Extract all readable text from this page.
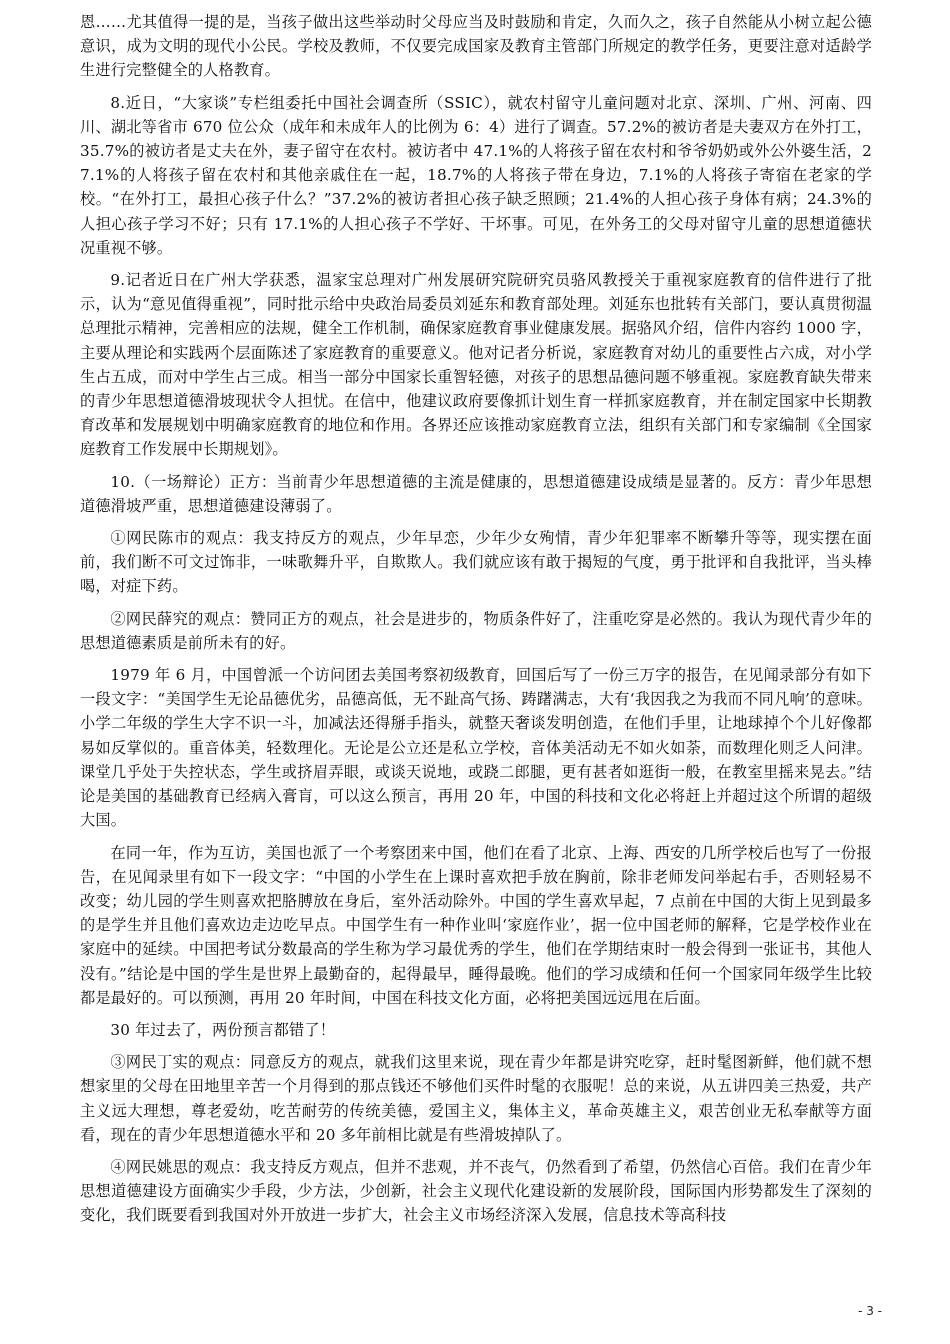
恩……尤其值得一提的是，当孩子做出这些举动时父母应当及时鼓励和肯定，久而久之，孩子自然能从小树立起公德意识，成为文明的现代小公民。学校及教师，不仅要完成国家及教育主管部门所规定的教学任务，更要注意对适龄学生进行完整健全的人格教育。

8.近日，“大家谈”专栏组委托中国社会调查所（SSIC），就农村留守儿童问题对北京、深圳、广州、河南、四川、湖北等省市 670 位公众（成年和未成年人的比例为 6：4）进行了调查。57.2%的被访者是夫妻双方在外打工，35.7%的被访者是丈夫在外，妻子留守在农村。被访者中 47.1%的人将孩子留在农村和爷爷奶奶或外公外婆生活，27.1%的人将孩子留在农村和其他亲戚住在一起，18.7%的人将孩子带在身边，7.1%的人将孩子寄宿在老家的学校。“在外打工，最担心孩子什么？”37.2%的被访者担心孩子缺乏照顾；21.4%的人担心孩子身体有病；24.3%的人担心孩子学习不好；只有 17.1%的人担心孩子不学好、干坏事。可见，在外务工的父母对留守儿童的思想道德状况重视不够。

9.记者近日在广州大学获悉，温家宝总理对广州发展研究院研究员骆风教授关于重视家庭教育的信件进行了批示，认为“意见值得重视”，同时批示给中央政治局委员刘延东和教育部处理。刘延东也批转有关部门，要认真贯彻温总理批示精神，完善相应的法规，健全工作机制，确保家庭教育事业健康发展。据骆风介绍，信件内容约 1000 字，主要从理论和实践两个层面陈述了家庭教育的重要意义。他对记者分析说，家庭教育对幼儿的重要性占六成，对小学生占五成，而对中学生占三成。相当一部分中国家长重智轻德，对孩子的思想品德问题不够重视。家庭教育缺失带来的青少年思想道德滑坡现状令人担忧。在信中，他建议政府要像抓计划生育一样抓家庭教育，并在制定国家中长期教育改革和发展规划中明确家庭教育的地位和作用。各界还应该推动家庭教育立法，组织有关部门和专家编制《全国家庭教育工作发展中长期规划》。

10.（一场辩论）正方：当前青少年思想道德的主流是健康的，思想道德建设成绩是显著的。反方：青少年思想道德滑坡严重，思想道德建设薄弱了。

①网民陈市的观点：我支持反方的观点，少年早恋，少年少女殉情，青少年犯罪率不断攀升等等，现实摆在面前，我们断不可文过饰非，一味歌舞升平，自欺欺人。我们就应该有敢于揭短的气度，勇于批评和自我批评，当头棒喝，对症下药。

②网民薛究的观点：赞同正方的观点，社会是进步的，物质条件好了，注重吃穿是必然的。我认为现代青少年的思想道德素质是前所未有的好。

1979 年 6 月，中国曾派一个访问团去美国考察初级教育，回国后写了一份三万字的报告，在见闻录部分有如下一段文字：“美国学生无论品德优劣，品德高低，无不趾高气扬、踌躇满志，大有‘我因我之为我而不同凡响’的意味。小学二年级的学生大字不识一斗，加减法还得掰手指头，就整天奢谈发明创造，在他们手里，让地球掉个个儿好像都易如反掌似的。重音体美，轻数理化。无论是公立还是私立学校，音体美活动无不如火如荼，而数理化则乏人问津。课堂几乎处于失控状态，学生或挤眉弄眼，或谈天说地，或跷二郎腿，更有甚者如逛街一般，在教室里摇来晃去。”结论是美国的基础教育已经病入膏肓，可以这么预言，再用 20 年，中国的科技和文化必将赶上并超过这个所谓的超级大国。

在同一年，作为互访，美国也派了一个考察团来中国，他们在看了北京、上海、西安的几所学校后也写了一份报告，在见闻录里有如下一段文字：“中国的小学生在上课时喜欢把手放在胸前，除非老师发问举起右手，否则轻易不改变；幼儿园的学生则喜欢把胳膊放在身后，室外活动除外。中国的学生喜欢早起，7 点前在中国的大街上见到最多的是学生并且他们喜欢边走边吃早点。中国学生有一种作业叫‘家庭作业’，据一位中国老师的解释，它是学校作业在家庭中的延续。中国把考试分数最高的学生称为学习最优秀的学生，他们在学期结束时一般会得到一张证书，其他人没有。”结论是中国的学生是世界上最勤奋的，起得最早，睡得最晚。他们的学习成绩和任何一个国家同年级学生比较都是最好的。可以预测，再用 20 年时间，中国在科技文化方面，必将把美国远远甩在后面。

30 年过去了，两份预言都错了！

③网民丁实的观点：同意反方的观点，就我们这里来说，现在青少年都是讲究吃穿，赶时髦图新鲜，他们就不想想家里的父母在田地里辛苦一个月得到的那点钱还不够他们买件时髦的衣服呢！总的来说，从五讲四美三热爱，共产主义远大理想，尊老爱幼，吃苦耐劳的传统美德，爱国主义，集体主义，革命英雄主义，艰苦创业无私奉献等方面看，现在的青少年思想道德水平和 20 多年前相比就是有些滑坡掉队了。

④网民姚思的观点：我支持反方观点，但并不悲观，并不丧气，仍然看到了希望，仍然信心百倍。我们在青少年思想道德建设方面确实少手段，少方法，少创新，社会主义现代化建设新的发展阶段，国际国内形势都发生了深刻的变化，我们既要看到我国对外开放进一步扩大，社会主义市场经济深入发展，信息技术等高科技

- 3 -
